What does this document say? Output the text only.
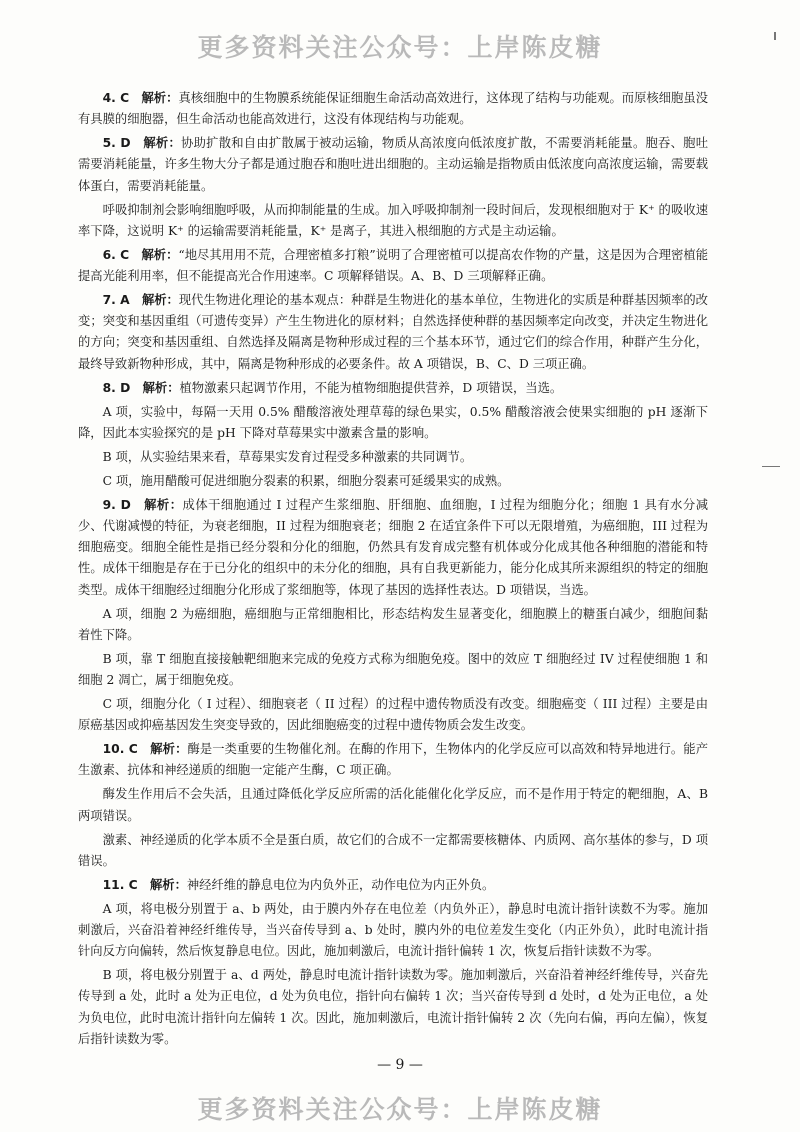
更多资料关注公众号：上岸陈皮糖

4. C　解析：真核细胞中的生物膜系统能保证细胞生命活动高效进行，这体现了结构与功能观。而原核细胞虽没有具膜的细胞器，但生命活动也能高效进行，这没有体现结构与功能观。

5. D　解析：协助扩散和自由扩散属于被动运输，物质从高浓度向低浓度扩散，不需要消耗能量。胞吞、胞吐需要消耗能量，许多生物大分子都是通过胞吞和胞吐进出细胞的。主动运输是指物质由低浓度向高浓度运输，需要载体蛋白，需要消耗能量。

呼吸抑制剂会影响细胞呼吸，从而抑制能量的生成。加入呼吸抑制剂一段时间后，发现根细胞对于 K⁺ 的吸收速率下降，这说明 K⁺ 的运输需要消耗能量，K⁺ 是离子，其进入根细胞的方式是主动运输。

6. C　解析：“地尽其用用不荒，合理密植多打粮”说明了合理密植可以提高农作物的产量，这是因为合理密植能提高光能利用率，但不能提高光合作用速率。C 项解释错误。A、B、D 三项解释正确。

7. A　解析：现代生物进化理论的基本观点：种群是生物进化的基本单位，生物进化的实质是种群基因频率的改变；突变和基因重组（可遗传变异）产生生物进化的原材料；自然选择使种群的基因频率定向改变，并决定生物进化的方向；突变和基因重组、自然选择及隔离是物种形成过程的三个基本环节，通过它们的综合作用，种群产生分化，最终导致新物种形成，其中，隔离是物种形成的必要条件。故 A 项错误，B、C、D 三项正确。

8. D　解析：植物激素只起调节作用，不能为植物细胞提供营养，D 项错误，当选。

A 项，实验中，每隔一天用 0.5% 醋酸溶液处理草莓的绿色果实，0.5% 醋酸溶液会使果实细胞的 pH 逐渐下降，因此本实验探究的是 pH 下降对草莓果实中激素含量的影响。

B 项，从实验结果来看，草莓果实发育过程受多种激素的共同调节。

C 项，施用醋酸可促进细胞分裂素的积累，细胞分裂素可延缓果实的成熟。

9. D　解析：成体干细胞通过 I 过程产生浆细胞、肝细胞、血细胞，I 过程为细胞分化；细胞 1 具有水分减少、代谢减慢的特征，为衰老细胞，II 过程为细胞衰老；细胞 2 在适宜条件下可以无限增殖，为癌细胞，III 过程为细胞癌变。细胞全能性是指已经分裂和分化的细胞，仍然具有发育成完整有机体或分化成其他各种细胞的潜能和特性。成体干细胞是存在于已分化的组织中的未分化的细胞，具有自我更新能力，能分化成其所来源组织的特定的细胞类型。成体干细胞经过细胞分化形成了浆细胞等，体现了基因的选择性表达。D 项错误，当选。

A 项，细胞 2 为癌细胞，癌细胞与正常细胞相比，形态结构发生显著变化，细胞膜上的糖蛋白减少，细胞间黏着性下降。

B 项，靠 T 细胞直接接触靶细胞来完成的免疫方式称为细胞免疫。图中的效应 T 细胞经过 IV 过程使细胞 1 和细胞 2 凋亡，属于细胞免疫。

C 项，细胞分化（ I 过程）、细胞衰老（ II 过程）的过程中遗传物质没有改变。细胞癌变（ III 过程）主要是由原癌基因或抑癌基因发生突变导致的，因此细胞癌变的过程中遗传物质会发生改变。

10. C　解析：酶是一类重要的生物催化剂。在酶的作用下，生物体内的化学反应可以高效和特异地进行。能产生激素、抗体和神经递质的细胞一定能产生酶，C 项正确。

酶发生作用后不会失活，且通过降低化学反应所需的活化能催化化学反应，而不是作用于特定的靶细胞，A、B 两项错误。

激素、神经递质的化学本质不全是蛋白质，故它们的合成不一定都需要核糖体、内质网、高尔基体的参与，D 项错误。

11. C　解析：神经纤维的静息电位为内负外正，动作电位为内正外负。

A 项，将电极分别置于 a、b 两处，由于膜内外存在电位差（内负外正），静息时电流计指针读数不为零。施加刺激后，兴奋沿着神经纤维传导，当兴奋传导到 a、b 处时，膜内外的电位差发生变化（内正外负），此时电流计指针向反方向偏转，然后恢复静息电位。因此，施加刺激后，电流计指针偏转 1 次，恢复后指针读数不为零。

B 项，将电极分别置于 a、d 两处，静息时电流计指针读数为零。施加刺激后，兴奋沿着神经纤维传导，兴奋先传导到 a 处，此时 a 处为正电位，d 处为负电位，指针向右偏转 1 次；当兴奋传导到 d 处时，d 处为正电位，a 处为负电位，此时电流计指针向左偏转 1 次。因此，施加刺激后，电流计指针偏转 2 次（先向右偏，再向左偏），恢复后指针读数为零。

— 9 —
更多资料关注公众号：上岸陈皮糖
